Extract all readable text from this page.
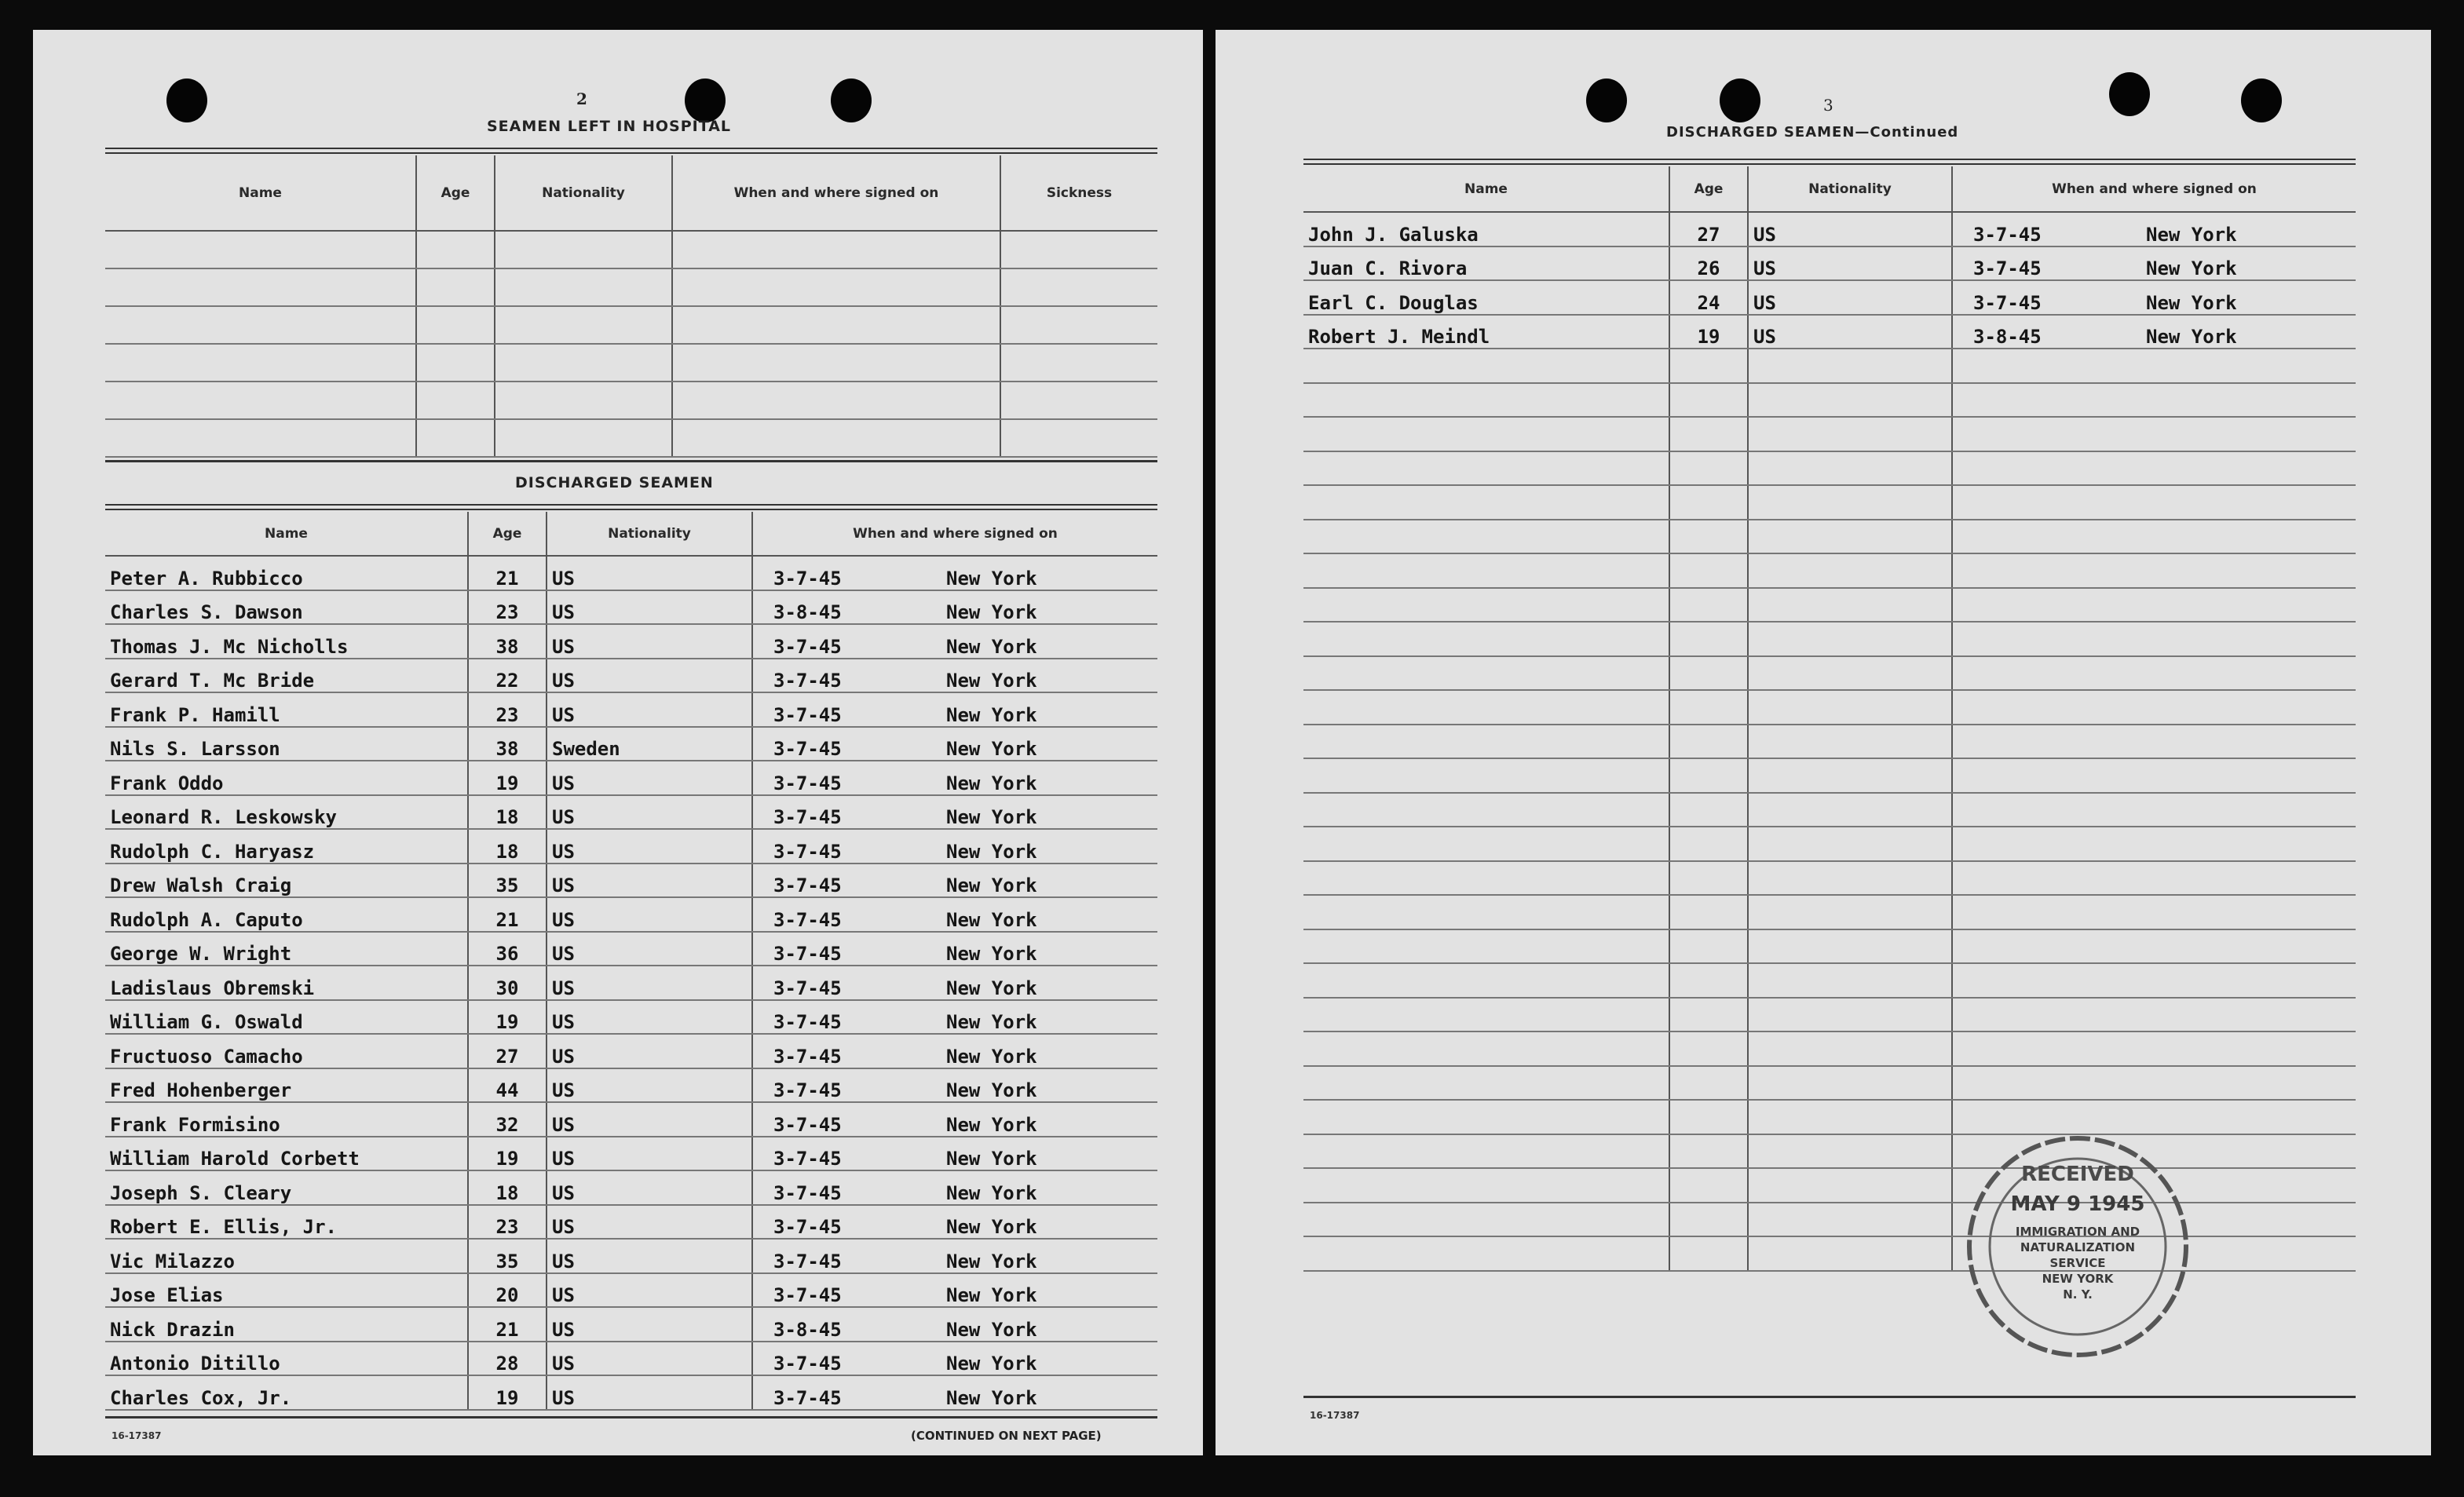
2
SEAMEN LEFT IN HOSPITAL
Name	Age	Nationality	When and where signed on	Sickness

DISCHARGED SEAMEN
Name	Age	Nationality	When and where signed on
Peter A. Rubbicco	21	US	3-7-45 New York

Charles S. Dawson	23	US	3-8-45 New York

Thomas J. Mc Nicholls	38	US	3-7-45 New York

Gerard T. Mc Bride	22	US	3-7-45 New York

Frank P. Hamill	23	US	3-7-45 New York

Nils S. Larsson	38	Sweden	3-7-45 New York

Frank Oddo	19	US	3-7-45 New York

Leonard R. Leskowsky	18	US	3-7-45 New York

Rudolph C. Haryasz	18	US	3-7-45 New York

Drew Walsh Craig	35	US	3-7-45 New York

Rudolph A. Caputo	21	US	3-7-45 New York

George W. Wright	36	US	3-7-45 New York

Ladislaus Obremski	30	US	3-7-45 New York

William G. Oswald	19	US	3-7-45 New York

Fructuoso Camacho	27	US	3-7-45 New York

Fred Hohenberger	44	US	3-7-45 New York

Frank Formisino	32	US	3-7-45 New York

William Harold Corbett	19	US	3-7-45 New York

Joseph S. Cleary	18	US	3-7-45 New York

Robert E. Ellis, Jr.	23	US	3-7-45 New York

Vic Milazzo	35	US	3-7-45 New York

Jose Elias	20	US	3-7-45 New York

Nick Drazin	21	US	3-8-45 New York

Antonio Ditillo	28	US	3-7-45 New York

Charles Cox, Jr.	19	US	3-7-45 New York
16-17387	(CONTINUED ON NEXT PAGE)
3
DISCHARGED SEAMEN—Continued
Name	Age	Nationality	When and where signed on
John J. Galuska	27	US	3-7-45 New York

Juan C. Rivora	26	US	3-7-45 New York

Earl C. Douglas	24	US	3-7-45 New York

Robert J. Meindl	19	US	3-8-45 New York

16-17387
RECEIVED
MAY 9 1945
IMMIGRATION AND
NATURALIZATION
SERVICE
NEW YORK
N. Y.
